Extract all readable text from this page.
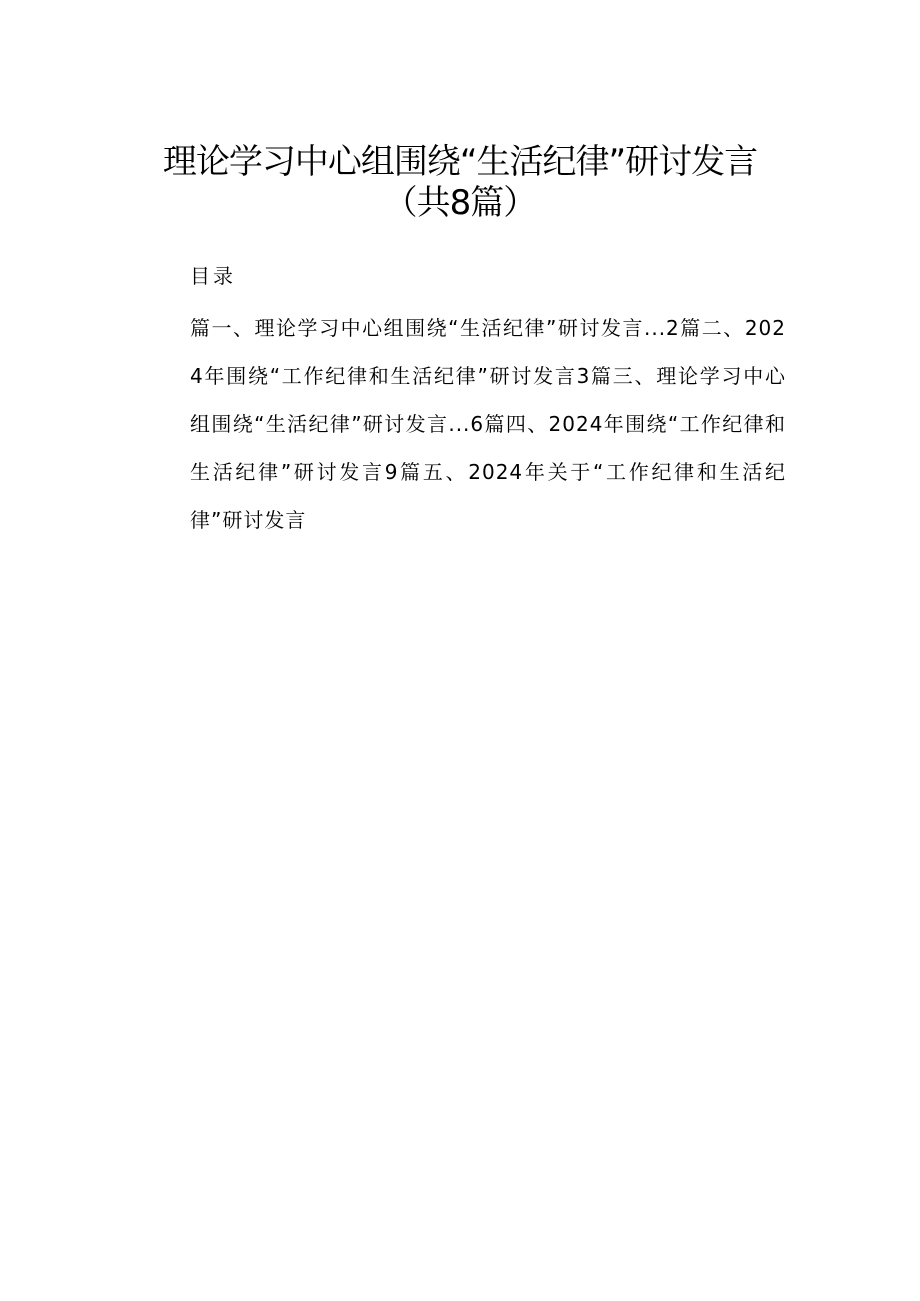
理论学习中心组围绕“生活纪律”研讨发言
（共8篇）
目录
篇一、理论学习中心组围绕“生活纪律”研讨发言...2篇二、2024年围绕“工作纪律和生活纪律”研讨发言3篇三、理论学习中心组围绕“生活纪律”研讨发言...6篇四、2024年围绕“工作纪律和生活纪律”研讨发言9篇五、2024年关于“工作纪律和生活纪律”研讨发言
